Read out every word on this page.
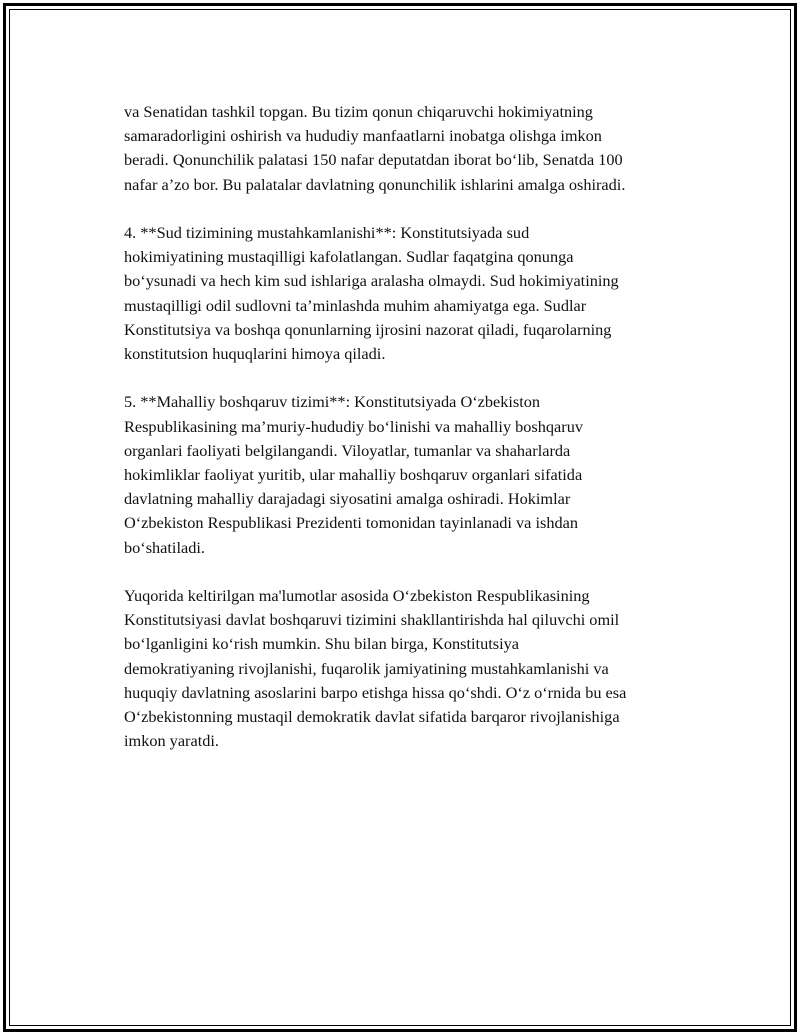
va Senatidan tashkil topgan. Bu tizim qonun chiqaruvchi hokimiyatning
samaradorligini oshirish va hududiy manfaatlarni inobatga olishga imkon
beradi. Qonunchilik palatasi 150 nafar deputatdan iborat bo‘lib, Senatda 100
nafar a’zo bor. Bu palatalar davlatning qonunchilik ishlarini amalga oshiradi.

4. **Sud tizimining mustahkamlanishi**: Konstitutsiyada sud
hokimiyatining mustaqilligi kafolatlangan. Sudlar faqatgina qonunga
bo‘ysunadi va hech kim sud ishlariga aralasha olmaydi. Sud hokimiyatining
mustaqilligi odil sudlovni ta’minlashda muhim ahamiyatga ega. Sudlar
Konstitutsiya va boshqa qonunlarning ijrosini nazorat qiladi, fuqarolarning
konstitutsion huquqlarini himoya qiladi.

5. **Mahalliy boshqaruv tizimi**: Konstitutsiyada O‘zbekiston
Respublikasining ma’muriy-hududiy bo‘linishi va mahalliy boshqaruv
organlari faoliyati belgilangandi. Viloyatlar, tumanlar va shaharlarda
hokimliklar faoliyat yuritib, ular mahalliy boshqaruv organlari sifatida
davlatning mahalliy darajadagi siyosatini amalga oshiradi. Hokimlar
O‘zbekiston Respublikasi Prezidenti tomonidan tayinlanadi va ishdan
bo‘shatiladi.

Yuqorida keltirilgan ma'lumotlar asosida O‘zbekiston Respublikasining
Konstitutsiyasi davlat boshqaruvi tizimini shakllantirishda hal qiluvchi omil
bo‘lganligini ko‘rish mumkin. Shu bilan birga, Konstitutsiya
demokratiyaning rivojlanishi, fuqarolik jamiyatining mustahkamlanishi va
huquqiy davlatning asoslarini barpo etishga hissa qo‘shdi. O‘z o‘rnida bu esa
O‘zbekistonning mustaqil demokratik davlat sifatida barqaror rivojlanishiga
imkon yaratdi.
